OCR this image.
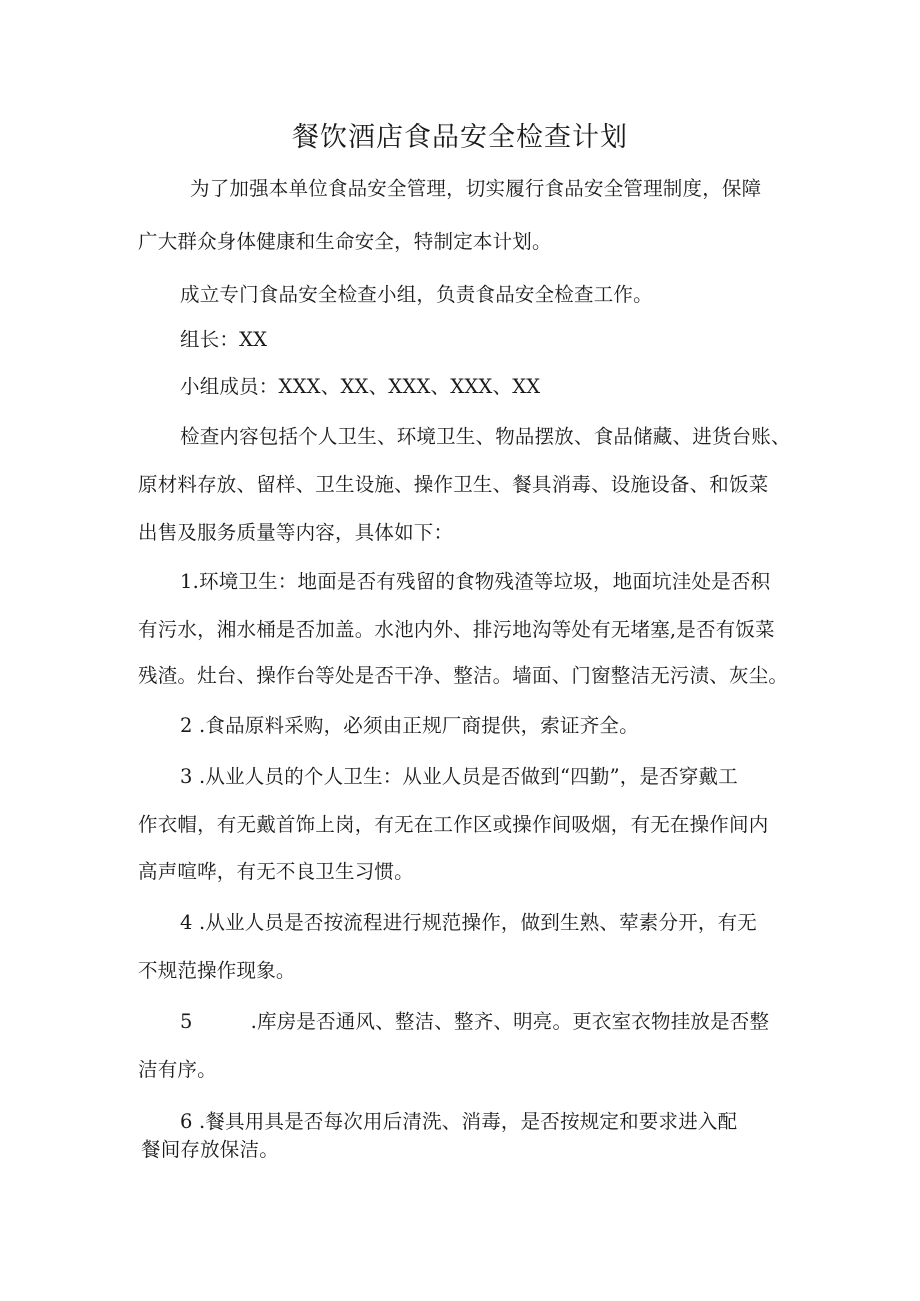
餐饮酒店食品安全检查计划
为了加强本单位食品安全管理，切实履行食品安全管理制度，保障
广大群众身体健康和生命安全，特制定本计划。
成立专门食品安全检查小组，负责食品安全检查工作。
组长：XX
小组成员：XXX、XX、XXX、XXX、XX
检查内容包括个人卫生、环境卫生、物品摆放、食品储藏、进货台账、
原材料存放、留样、卫生设施、操作卫生、餐具消毒、设施设备、和饭菜
出售及服务质量等内容，具体如下：
1.环境卫生：地面是否有残留的食物残渣等垃圾，地面坑洼处是否积
有污水，湘水桶是否加盖。水池内外、排污地沟等处有无堵塞,是否有饭菜
残渣。灶台、操作台等处是否干净、整洁。墙面、门窗整洁无污渍、灰尘。
2 .食品原料采购，必须由正规厂商提供，索证齐全。
3 .从业人员的个人卫生：从业人员是否做到“四勤”，是否穿戴工
作衣帽，有无戴首饰上岗，有无在工作区或操作间吸烟，有无在操作间内
高声喧哗，有无不良卫生习惯。
4 .从业人员是否按流程进行规范操作，做到生熟、荤素分开，有无
不规范操作现象。
5	.库房是否通风、整洁、整齐、明亮。更衣室衣物挂放是否整
洁有序。
6 .餐具用具是否每次用后清洗、消毒，是否按规定和要求进入配
餐间存放保洁。
